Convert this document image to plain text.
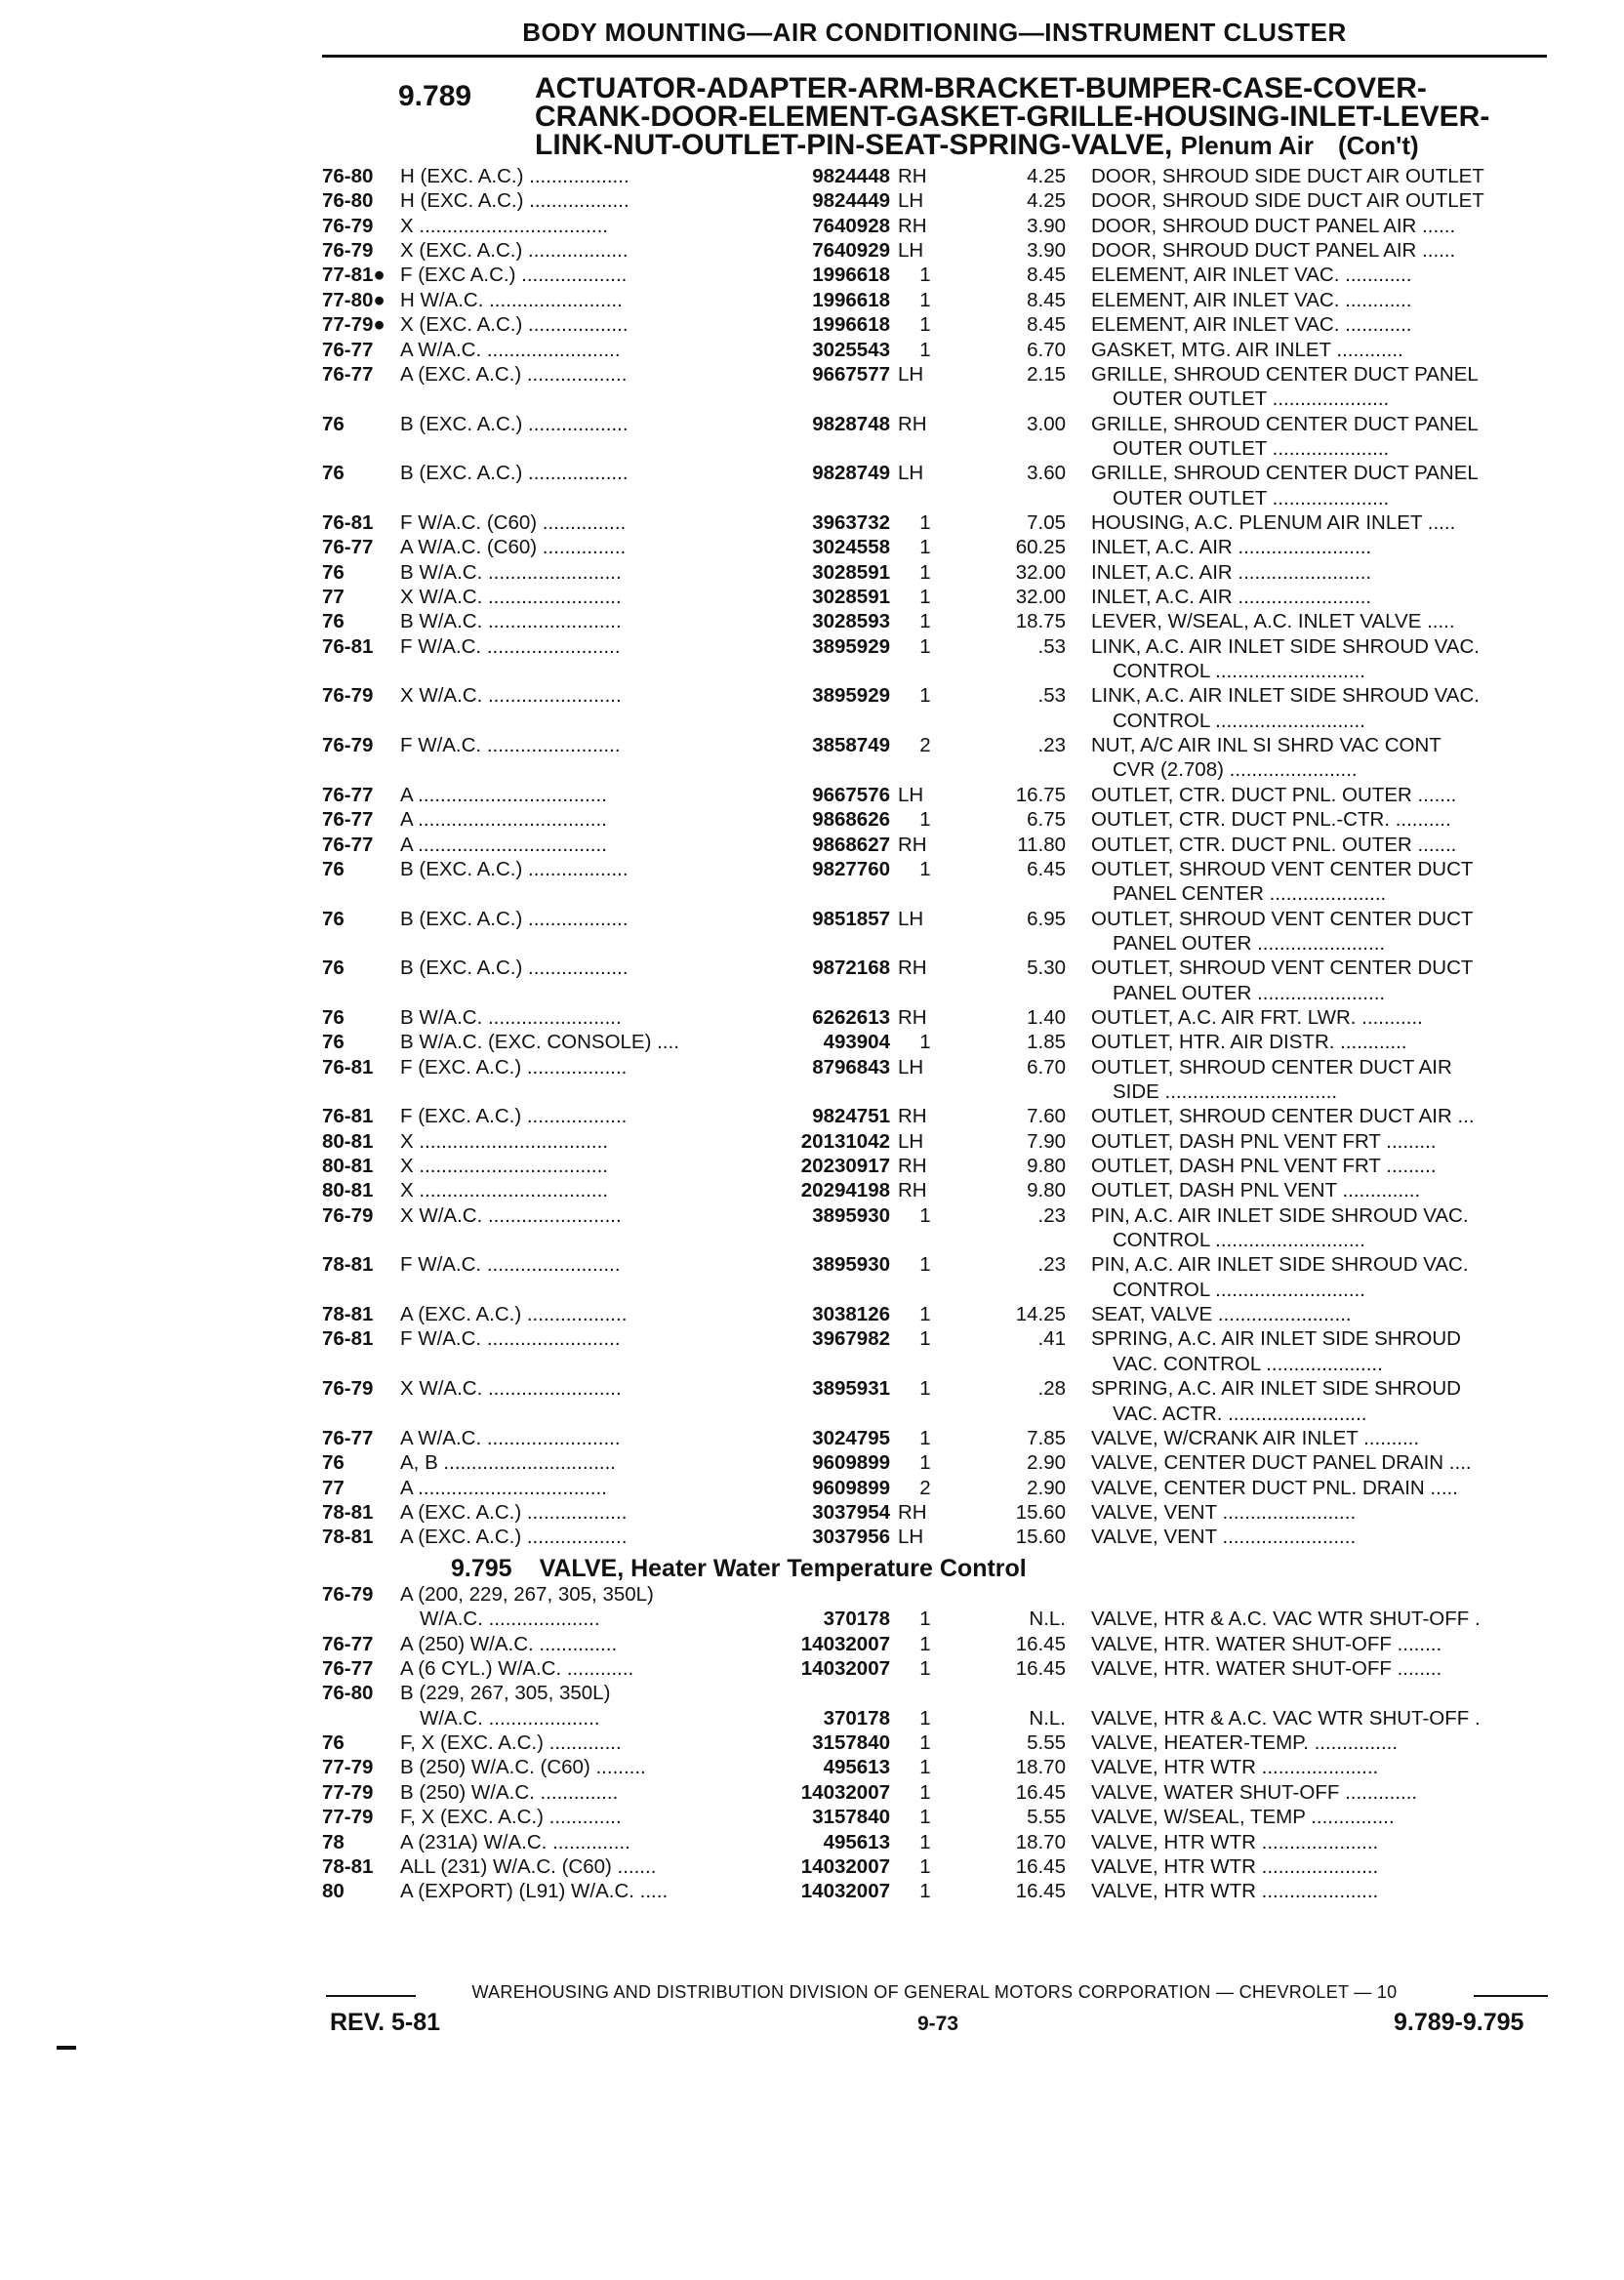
BODY MOUNTING—AIR CONDITIONING—INSTRUMENT CLUSTER
9.789 ACTUATOR-ADAPTER-ARM-BRACKET-BUMPER-CASE-COVER-
CRANK-DOOR-ELEMENT-GASKET-GRILLE-HOUSING-INLET-LEVER-
LINK-NUT-OUTLET-PIN-SEAT-SPRING-VALVE, Plenum Air (Con't)
76-80 H (EXC. A.C.) ..................	9824448 RH	4.25 DOOR, SHROUD SIDE DUCT AIR OUTLET
76-80 H (EXC. A.C.) ..................	9824449 LH	4.25 DOOR, SHROUD SIDE DUCT AIR OUTLET
76-79 X ..................................	7640928 RH	3.90 DOOR, SHROUD DUCT PANEL AIR ......
76-79 X (EXC. A.C.) ..................	7640929 LH	3.90 DOOR, SHROUD DUCT PANEL AIR ......
77-81● F (EXC A.C.) ...................	1996618	1	8.45 ELEMENT, AIR INLET VAC. ............
77-80● H W/A.C. ........................	1996618	1	8.45 ELEMENT, AIR INLET VAC. ............
77-79● X (EXC. A.C.) ..................	1996618	1	8.45 ELEMENT, AIR INLET VAC. ............
76-77 A W/A.C. ........................	3025543	1	6.70 GASKET, MTG. AIR INLET ............
76-77 A (EXC. A.C.) ..................	9667577 LH	2.15 GRILLE, SHROUD CENTER DUCT PANEL
OUTER OUTLET .....................
76	B (EXC. A.C.) ..................	9828748 RH	3.00 GRILLE, SHROUD CENTER DUCT PANEL
OUTER OUTLET .....................
76	B (EXC. A.C.) ..................	9828749 LH	3.60 GRILLE, SHROUD CENTER DUCT PANEL
OUTER OUTLET .....................
76-81 F W/A.C. (C60) ...............	3963732	1	7.05 HOUSING, A.C. PLENUM AIR INLET .....
76-77 A W/A.C. (C60) ...............	3024558	1	60.25 INLET, A.C. AIR ........................
76	B W/A.C. ........................	3028591	1	32.00 INLET, A.C. AIR ........................
77	X W/A.C. ........................	3028591	1	32.00 INLET, A.C. AIR ........................
76	B W/A.C. ........................	3028593	1	18.75 LEVER, W/SEAL, A.C. INLET VALVE .....
76-81 F W/A.C. ........................	3895929	1	.53 LINK, A.C. AIR INLET SIDE SHROUD VAC.
CONTROL ...........................
76-79 X W/A.C. ........................	3895929	1	.53 LINK, A.C. AIR INLET SIDE SHROUD VAC.
CONTROL ...........................
76-79 F W/A.C. ........................	3858749	2	.23 NUT, A/C AIR INL SI SHRD VAC CONT
CVR (2.708) .......................
76-77 A ..................................	9667576 LH	16.75 OUTLET, CTR. DUCT PNL. OUTER .......
76-77 A ..................................	9868626	1	6.75 OUTLET, CTR. DUCT PNL.-CTR. ..........
76-77 A ..................................	9868627 RH	11.80 OUTLET, CTR. DUCT PNL. OUTER .......
76	B (EXC. A.C.) ..................	9827760	1	6.45 OUTLET, SHROUD VENT CENTER DUCT
PANEL CENTER .....................
76	B (EXC. A.C.) ..................	9851857 LH	6.95 OUTLET, SHROUD VENT CENTER DUCT
PANEL OUTER .......................
76	B (EXC. A.C.) ..................	9872168 RH	5.30 OUTLET, SHROUD VENT CENTER DUCT
PANEL OUTER .......................
76	B W/A.C. ........................	6262613 RH	1.40 OUTLET, A.C. AIR FRT. LWR. ...........
76	B W/A.C. (EXC. CONSOLE) ....	493904	1	1.85 OUTLET, HTR. AIR DISTR. ............
76-81 F (EXC. A.C.) ..................	8796843 LH	6.70 OUTLET, SHROUD CENTER DUCT AIR
SIDE ...............................
76-81 F (EXC. A.C.) ..................	9824751 RH	7.60 OUTLET, SHROUD CENTER DUCT AIR ...
80-81 X ..................................	20131042 LH	7.90 OUTLET, DASH PNL VENT FRT .........
80-81 X ..................................	20230917 RH	9.80 OUTLET, DASH PNL VENT FRT .........
80-81 X ..................................	20294198 RH	9.80 OUTLET, DASH PNL VENT ..............
76-79 X W/A.C. ........................	3895930	1	.23 PIN, A.C. AIR INLET SIDE SHROUD VAC.
CONTROL ...........................
78-81 F W/A.C. ........................	3895930	1	.23 PIN, A.C. AIR INLET SIDE SHROUD VAC.
CONTROL ...........................
78-81 A (EXC. A.C.) ..................	3038126	1	14.25 SEAT, VALVE ........................
76-81 F W/A.C. ........................	3967982	1	.41 SPRING, A.C. AIR INLET SIDE SHROUD
VAC. CONTROL .....................
76-79 X W/A.C. ........................	3895931	1	.28 SPRING, A.C. AIR INLET SIDE SHROUD
VAC. ACTR. .........................
76-77 A W/A.C. ........................	3024795	1	7.85 VALVE, W/CRANK AIR INLET ..........
76	A, B ...............................	9609899	1	2.90 VALVE, CENTER DUCT PANEL DRAIN ....
77	A ..................................	9609899	2	2.90 VALVE, CENTER DUCT PNL. DRAIN .....
78-81 A (EXC. A.C.) ..................	3037954 RH	15.60 VALVE, VENT ........................
78-81 A (EXC. A.C.) ..................	3037956 LH	15.60 VALVE, VENT ........................
76-79 A (200, 229, 267, 305, 350L)
W/A.C. ....................	370178	1	N.L. VALVE, HTR & A.C. VAC WTR SHUT-OFF .
76-77 A (250) W/A.C. ..............	14032007	1	16.45 VALVE, HTR. WATER SHUT-OFF ........
76-77 A (6 CYL.) W/A.C. ............	14032007	1	16.45 VALVE, HTR. WATER SHUT-OFF ........
76-80 B (229, 267, 305, 350L)
W/A.C. ....................	370178	1	N.L. VALVE, HTR & A.C. VAC WTR SHUT-OFF .
76	F, X (EXC. A.C.) .............	3157840	1	5.55 VALVE, HEATER-TEMP. ...............
77-79 B (250) W/A.C. (C60) .........	495613	1	18.70 VALVE, HTR WTR .....................
77-79 B (250) W/A.C. ..............	14032007	1	16.45 VALVE, WATER SHUT-OFF .............
77-79 F, X (EXC. A.C.) .............	3157840	1	5.55 VALVE, W/SEAL, TEMP ...............
78	A (231A) W/A.C. ..............	495613	1	18.70 VALVE, HTR WTR .....................
78-81 ALL (231) W/A.C. (C60) .......	14032007	1	16.45 VALVE, HTR WTR .....................
80	A (EXPORT) (L91) W/A.C. .....	14032007	1	16.45 VALVE, HTR WTR .....................
9.795 VALVE, Heater Water Temperature Control
WAREHOUSING AND DISTRIBUTION DIVISION OF GENERAL MOTORS CORPORATION — CHEVROLET — 10
REV. 5-81	9-73	9.789-9.795
